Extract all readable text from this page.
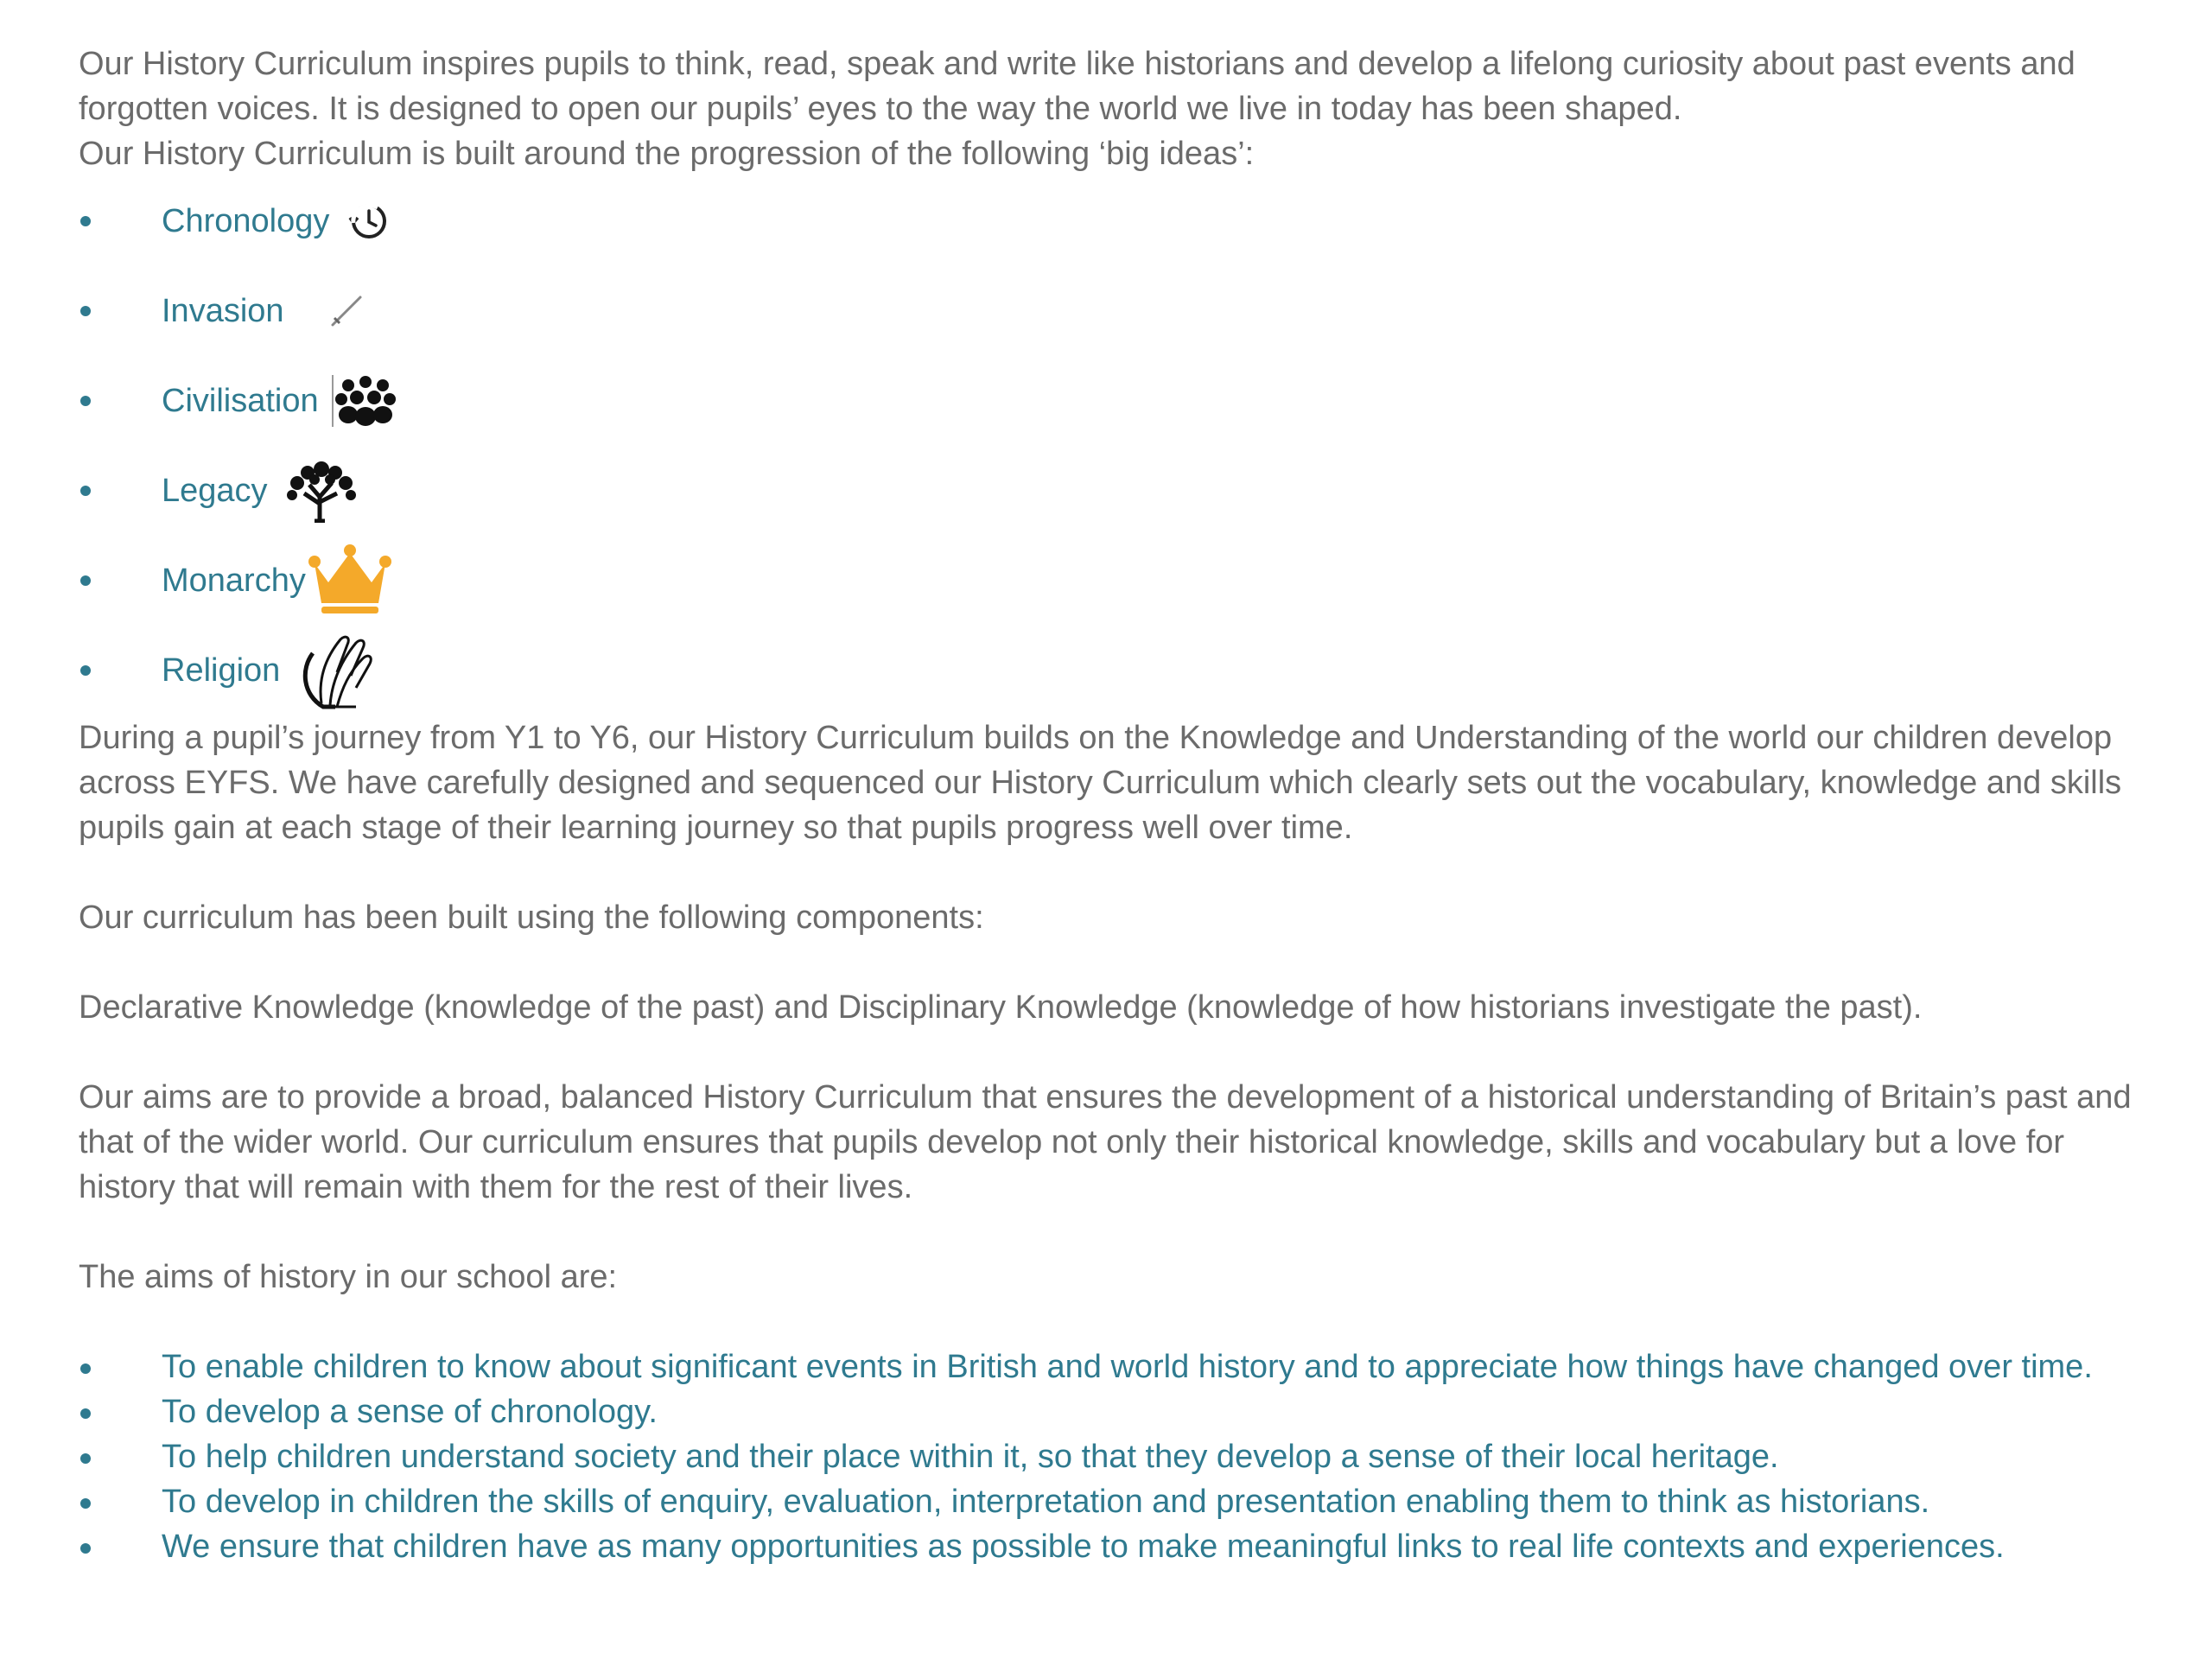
Our History Curriculum inspires pupils to think, read, speak and write like historians and develop a lifelong curiosity about past events and forgotten voices. It is designed to open our pupils’ eyes to the way the world we live in today has been shaped.

Our History Curriculum is built around the progression of the following ‘big ideas’:

Chronology
Invasion
Civilisation
Legacy
Monarchy
Religion

During a pupil’s journey from Y1 to Y6, our History Curriculum builds on the Knowledge and Understanding of the world our children develop across EYFS. We have carefully designed and sequenced our History Curriculum which clearly sets out the vocabulary, knowledge and skills pupils gain at each stage of their learning journey so that pupils progress well over time.

Our curriculum has been built using the following components:

Declarative Knowledge (knowledge of the past) and Disciplinary Knowledge (knowledge of how historians investigate the past).

Our aims are to provide a broad, balanced History Curriculum that ensures the development of a historical understanding of Britain’s past and that of the wider world. Our curriculum ensures that pupils develop not only their historical knowledge, skills and vocabulary but a love for history that will remain with them for the rest of their lives.

The aims of history in our school are:

To enable children to know about significant events in British and world history and to appreciate how things have changed over time.
To develop a sense of chronology.
To help children understand society and their place within it, so that they develop a sense of their local heritage.
To develop in children the skills of enquiry, evaluation, interpretation and presentation enabling them to think as historians.
We ensure that children have as many opportunities as possible to make meaningful links to real life contexts and experiences.
